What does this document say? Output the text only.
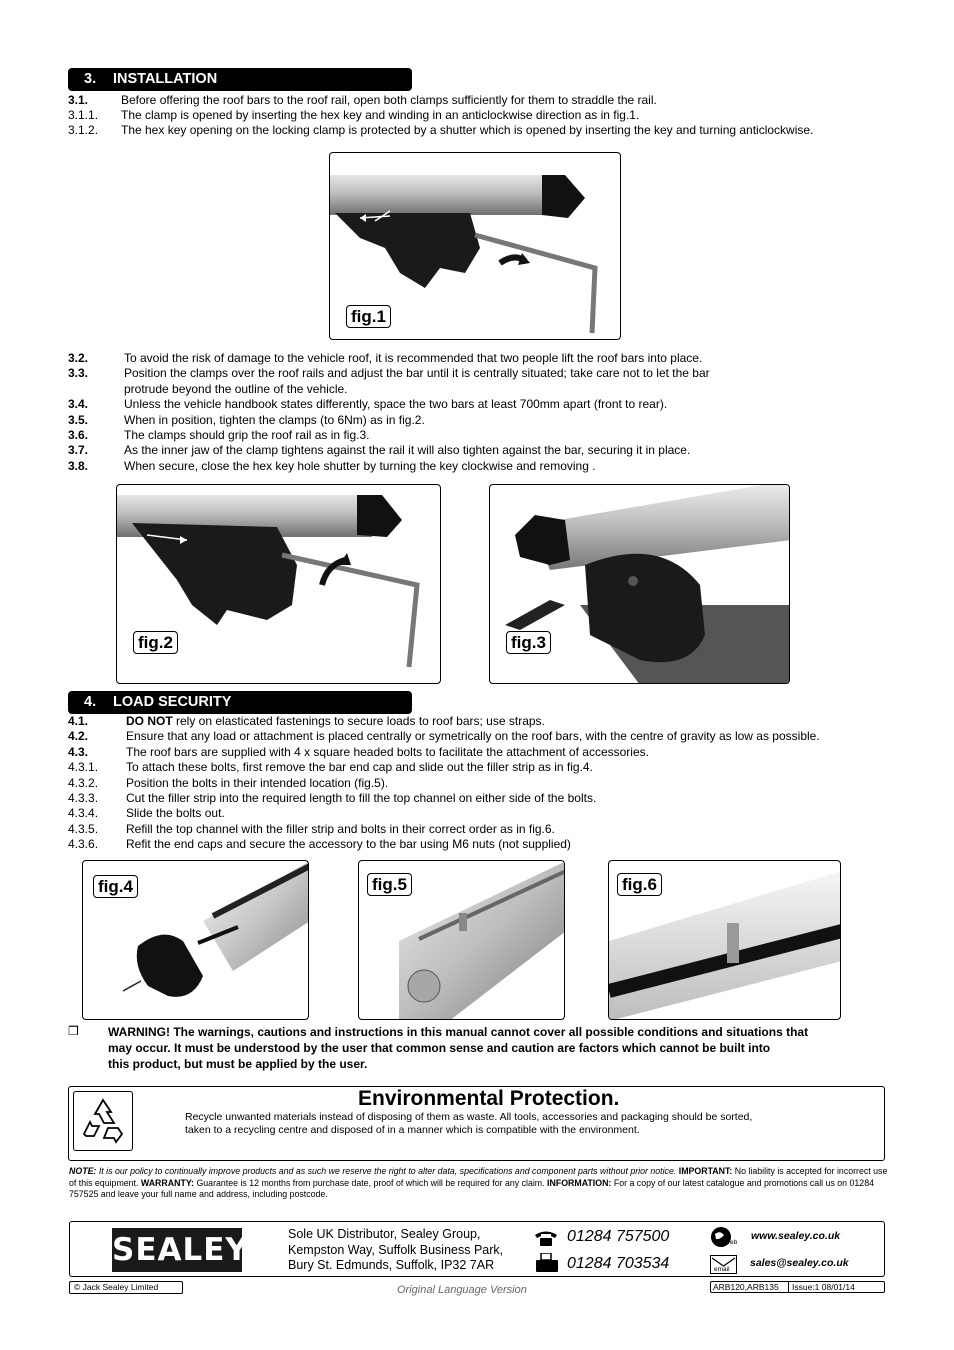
3. INSTALLATION
3.1.	Before offering the roof bars to the roof rail, open both clamps sufficiently for them to straddle the rail.
3.1.1. The clamp is opened by inserting the hex key and winding in an anticlockwise direction as in fig.1.
3.1.2. The hex key opening on the locking clamp is protected by a shutter which is opened by inserting the key and turning anticlockwise.
fig.1
3.2.	To avoid the risk of damage to the vehicle roof, it is recommended that two people lift the roof bars into place.
3.3.	Position the clamps over the roof rails and adjust the bar until it is centrally situated; take care not to let the bar
protrude beyond the outline of the vehicle.
3.4.	Unless the vehicle handbook states differently, space the two bars at least 700mm apart (front to rear).
3.5.	When in position, tighten the clamps (to 6Nm) as in fig.2.
3.6.	The clamps should grip the roof rail as in fig.3.
3.7.	As the inner jaw of the clamp tightens against the rail it will also tighten against the bar, securing it in place.
3.8.	When secure, close the hex key hole shutter by turning the key clockwise and removing .
fig.2	fig.3
4. LOAD SECURITY
4.1.	DO NOT rely on elasticated fastenings to secure loads to roof bars; use straps.
4.2.	Ensure that any load or attachment is placed centrally or symetrically on the roof bars, with the centre of gravity as low as possible.
4.3.	The roof bars are supplied with 4 x square headed bolts to facilitate the attachment of accessories.
4.3.1. To attach these bolts, first remove the bar end cap and slide out the filler strip as in fig.4.
4.3.2. Position the bolts in their intended location (fig.5).
4.3.3. Cut the filler strip into the required length to fill the top channel on either side of the bolts.
4.3.4. Slide the bolts out.
4.3.5. Refill the top channel with the filler strip and bolts in their correct order as in fig.6.
4.3.6. Refit the end caps and secure the accessory to the bar using M6 nuts (not supplied)
fig.4	fig.5	fig.6
❒ WARNING! The warnings, cautions and instructions in this manual cannot cover all possible conditions and situations that
may occur. It must be understood by the user that common sense and caution are factors which cannot be built into
this product, but must be applied by the user.
Environmental Protection.
Recycle unwanted materials instead of disposing of them as waste. All tools, accessories and packaging should be sorted,
taken to a recycling centre and disposed of in a manner which is compatible with the environment.
NOTE: It is our policy to continually improve products and as such we reserve the right to alter data, specifications and component parts without prior notice. IMPORTANT: No liability is accepted for incorrect use of this equipment. WARRANTY: Guarantee is 12 months from purchase date, proof of which will be required for any claim. INFORMATION: For a copy of our latest catalogue and promotions call us on 01284 757525 and leave your full name and address, including postcode.
SEALEY	Sole UK Distributor, Sealey Group,
Kempston Way, Suffolk Business Park,
Bury St. Edmunds, Suffolk, IP32 7AR
01284 757500
01284 703534
Web
www.sealey.co.uk
email
sales@sealey.co.uk
© Jack Sealey Limited	Original Language Version	ARB120,ARB135 Issue:1 08/01/14
